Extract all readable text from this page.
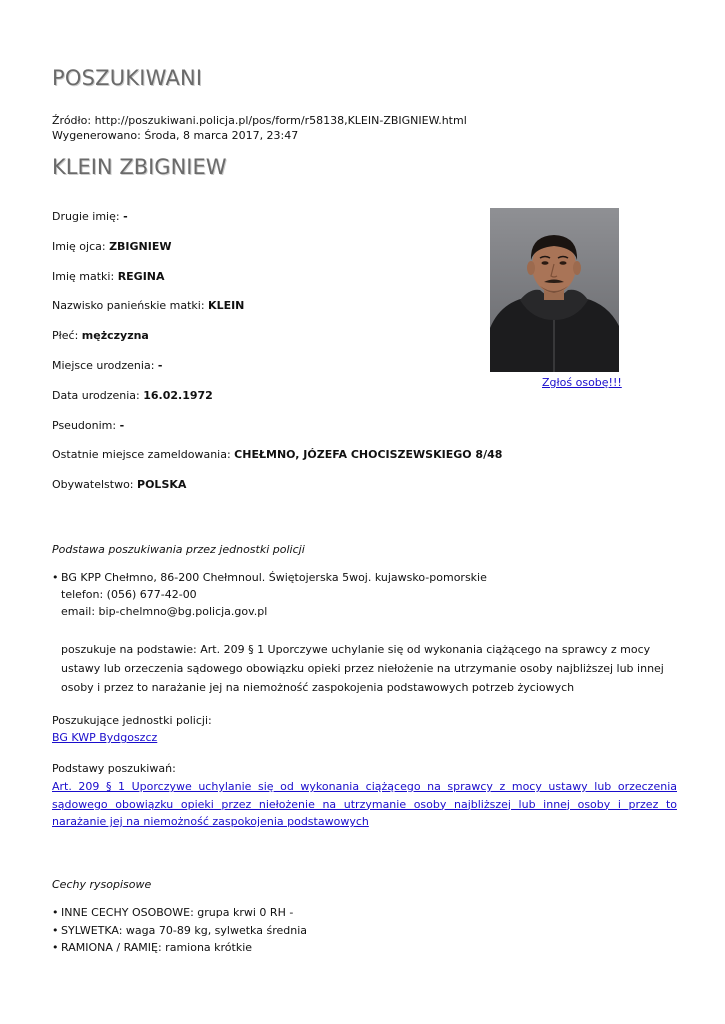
POSZUKIWANI
Źródło: http://poszukiwani.policja.pl/pos/form/r58138,KLEIN-ZBIGNIEW.html
Wygenerowano: Środa, 8 marca 2017, 23:47
KLEIN ZBIGNIEW
Drugie imię: -
Imię ojca: ZBIGNIEW
Imię matki: REGINA
Nazwisko panieńskie matki: KLEIN
Płeć: mężczyzna
Miejsce urodzenia: -
Data urodzenia: 16.02.1972
Pseudonim: -
Ostatnie miejsce zameldowania: CHEŁMNO, JÓZEFA CHOCISZEWSKIEGO 8/48
Obywatelstwo: POLSKA
Zgłoś osobę!!!
Podstawa poszukiwania przez jednostki policji
• BG KPP Chełmno, 86-200 Chełmnoul. Świętojerska 5woj. kujawsko-pomorskie
telefon: (056) 677-42-00
email: bip-chelmno@bg.policja.gov.pl
poszukuje na podstawie: Art. 209 § 1 Uporczywe uchylanie się od wykonania ciążącego na sprawcy z mocy ustawy lub orzeczenia sądowego obowiązku opieki przez niełożenie na utrzymanie osoby najbliższej lub innej osoby i przez to narażanie jej na niemożność zaspokojenia podstawowych potrzeb życiowych
Poszukujące jednostki policji:
BG KWP Bydgoszcz
Podstawy poszukiwań:
Art. 209 § 1 Uporczywe uchylanie się od wykonania ciążącego na sprawcy z mocy ustawy lub orzeczenia sądowego obowiązku opieki przez niełożenie na utrzymanie osoby najbliższej lub innej osoby i przez to narażanie jej na niemożność zaspokojenia podstawowych
Cechy rysopisowe
• INNE CECHY OSOBOWE: grupa krwi 0 RH -
• SYLWETKA: waga 70-89 kg, sylwetka średnia
• RAMIONA / RAMIĘ: ramiona krótkie
